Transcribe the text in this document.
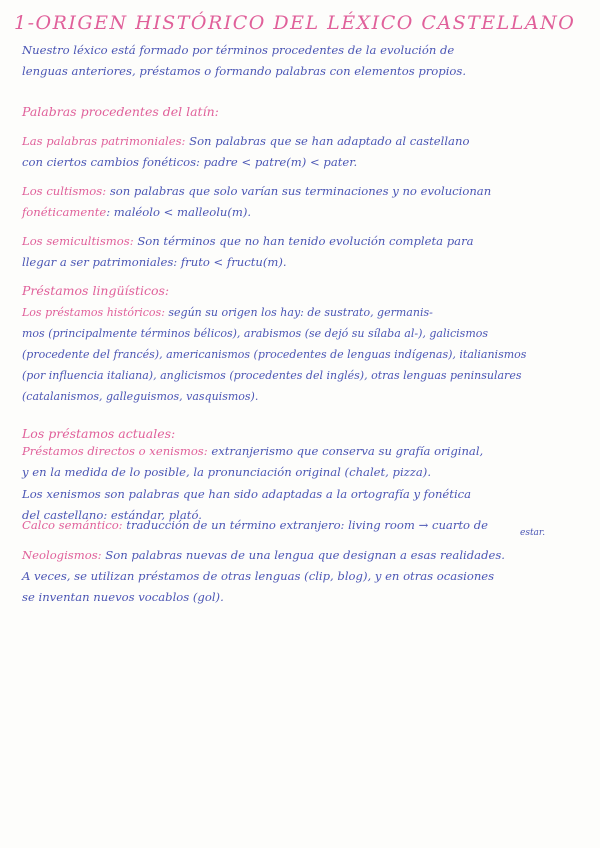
1-ORIGEN HISTÓRICO DEL LÉXICO CASTELLANO
Nuestro léxico está formado por términos procedentes de la evolución de
lenguas anteriores, préstamos o formando palabras con elementos propios.
Palabras procedentes del latín:
Las palabras patrimoniales: Son palabras que se han adaptado al castellano
con ciertos cambios fonéticos: padre < patre(m) < pater.
Los cultismos: son palabras que solo varían sus terminaciones y no evolucionan
fonéticamente: maléolo < malleolu(m).
Los semicultismos: Son términos que no han tenido evolución completa para
llegar a ser patrimoniales: fruto < fructu(m).
Préstamos lingüísticos:
Los préstamos históricos: según su origen los hay: de sustrato, germanis-
mos (principalmente términos bélicos), arabismos (se dejó su sílaba al-), galicismos
(procedente del francés), americanismos (procedentes de lenguas indígenas), italianismos
(por influencia italiana), anglicismos (procedentes del inglés), otras lenguas peninsulares
(catalanismos, galleguismos, vasquismos).
Los préstamos actuales:
Préstamos directos o xenismos: extranjerismo que conserva su grafía original,
y en la medida de lo posible, la pronunciación original (chalet, pizza).
Los xenismos son palabras que han sido adaptadas a la ortografía y fonética
del castellano: estándar, plató.
Calco semántico: traducción de un término extranjero: living room → cuarto de
estar.
Neologismos: Son palabras nuevas de una lengua que designan a esas realidades.
A veces, se utilizan préstamos de otras lenguas (clip, blog), y en otras ocasiones
se inventan nuevos vocablos (gol).
